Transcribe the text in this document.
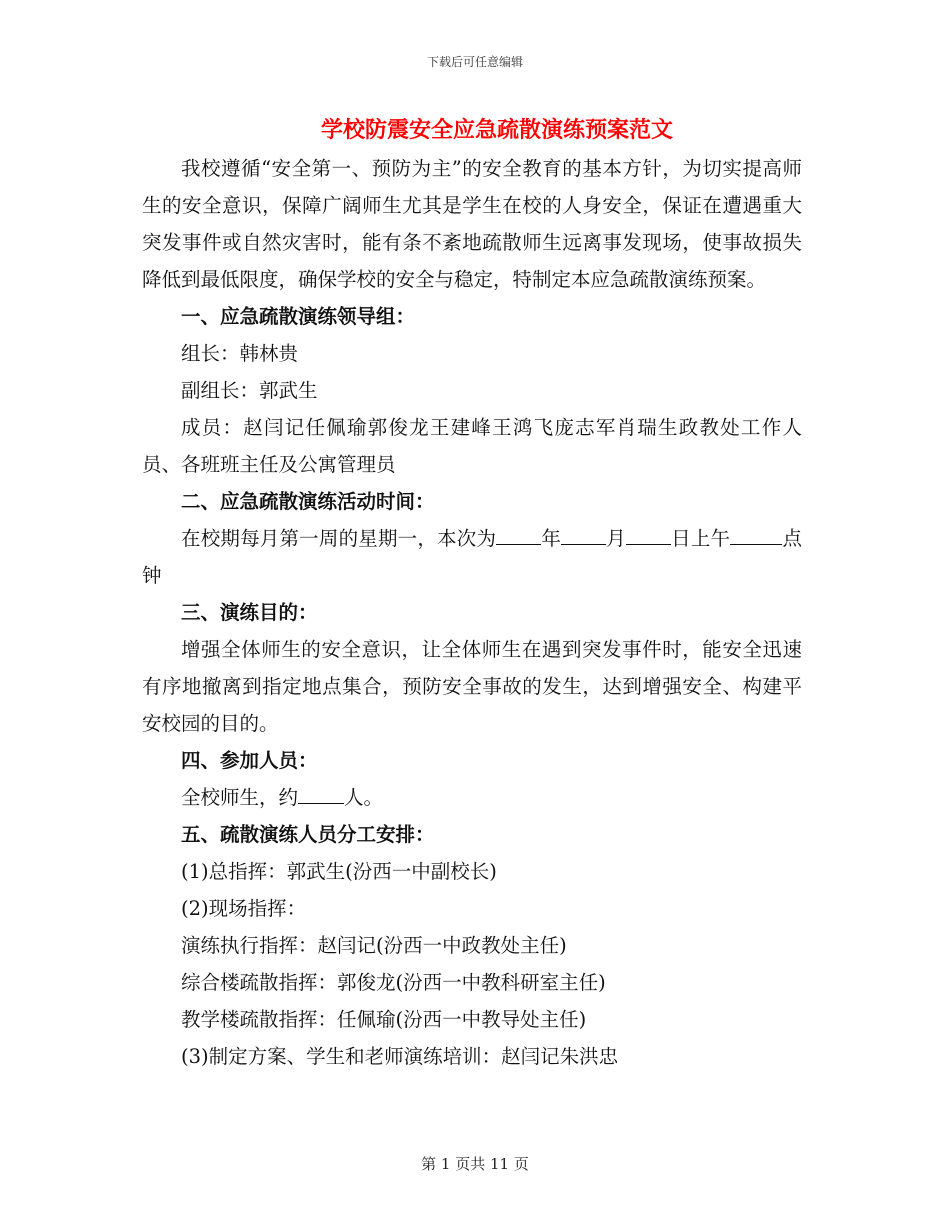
下载后可任意编辑
学校防震安全应急疏散演练预案范文

我校遵循“安全第一、预防为主”的安全教育的基本方针，为切实提高师生的安全意识，保障广阔师生尤其是学生在校的人身安全，保证在遭遇重大突发事件或自然灾害时，能有条不紊地疏散师生远离事发现场，使事故损失降低到最低限度，确保学校的安全与稳定，特制定本应急疏散演练预案。

一、应急疏散演练领导组：

组长：韩林贵

副组长：郭武生

成员：赵闫记任佩瑜郭俊龙王建峰王鸿飞庞志军肖瑞生政教处工作人员、各班班主任及公寓管理员

二、应急疏散演练活动时间：

在校期每月第一周的星期一，本次为 年 月 日上午	点钟

三、演练目的：

增强全体师生的安全意识，让全体师生在遇到突发事件时，能安全迅速有序地撤离到指定地点集合，预防安全事故的发生，达到增强安全、构建平安校园的目的。

四、参加人员：

全校师生，约 人。

五、疏散演练人员分工安排：

(1)总指挥：郭武生(汾西一中副校长)

(2)现场指挥：

演练执行指挥：赵闫记(汾西一中政教处主任)

综合楼疏散指挥：郭俊龙(汾西一中教科研室主任)

教学楼疏散指挥：任佩瑜(汾西一中教导处主任)

(3)制定方案、学生和老师演练培训：赵闫记朱洪忠

第 1 页共 11 页
